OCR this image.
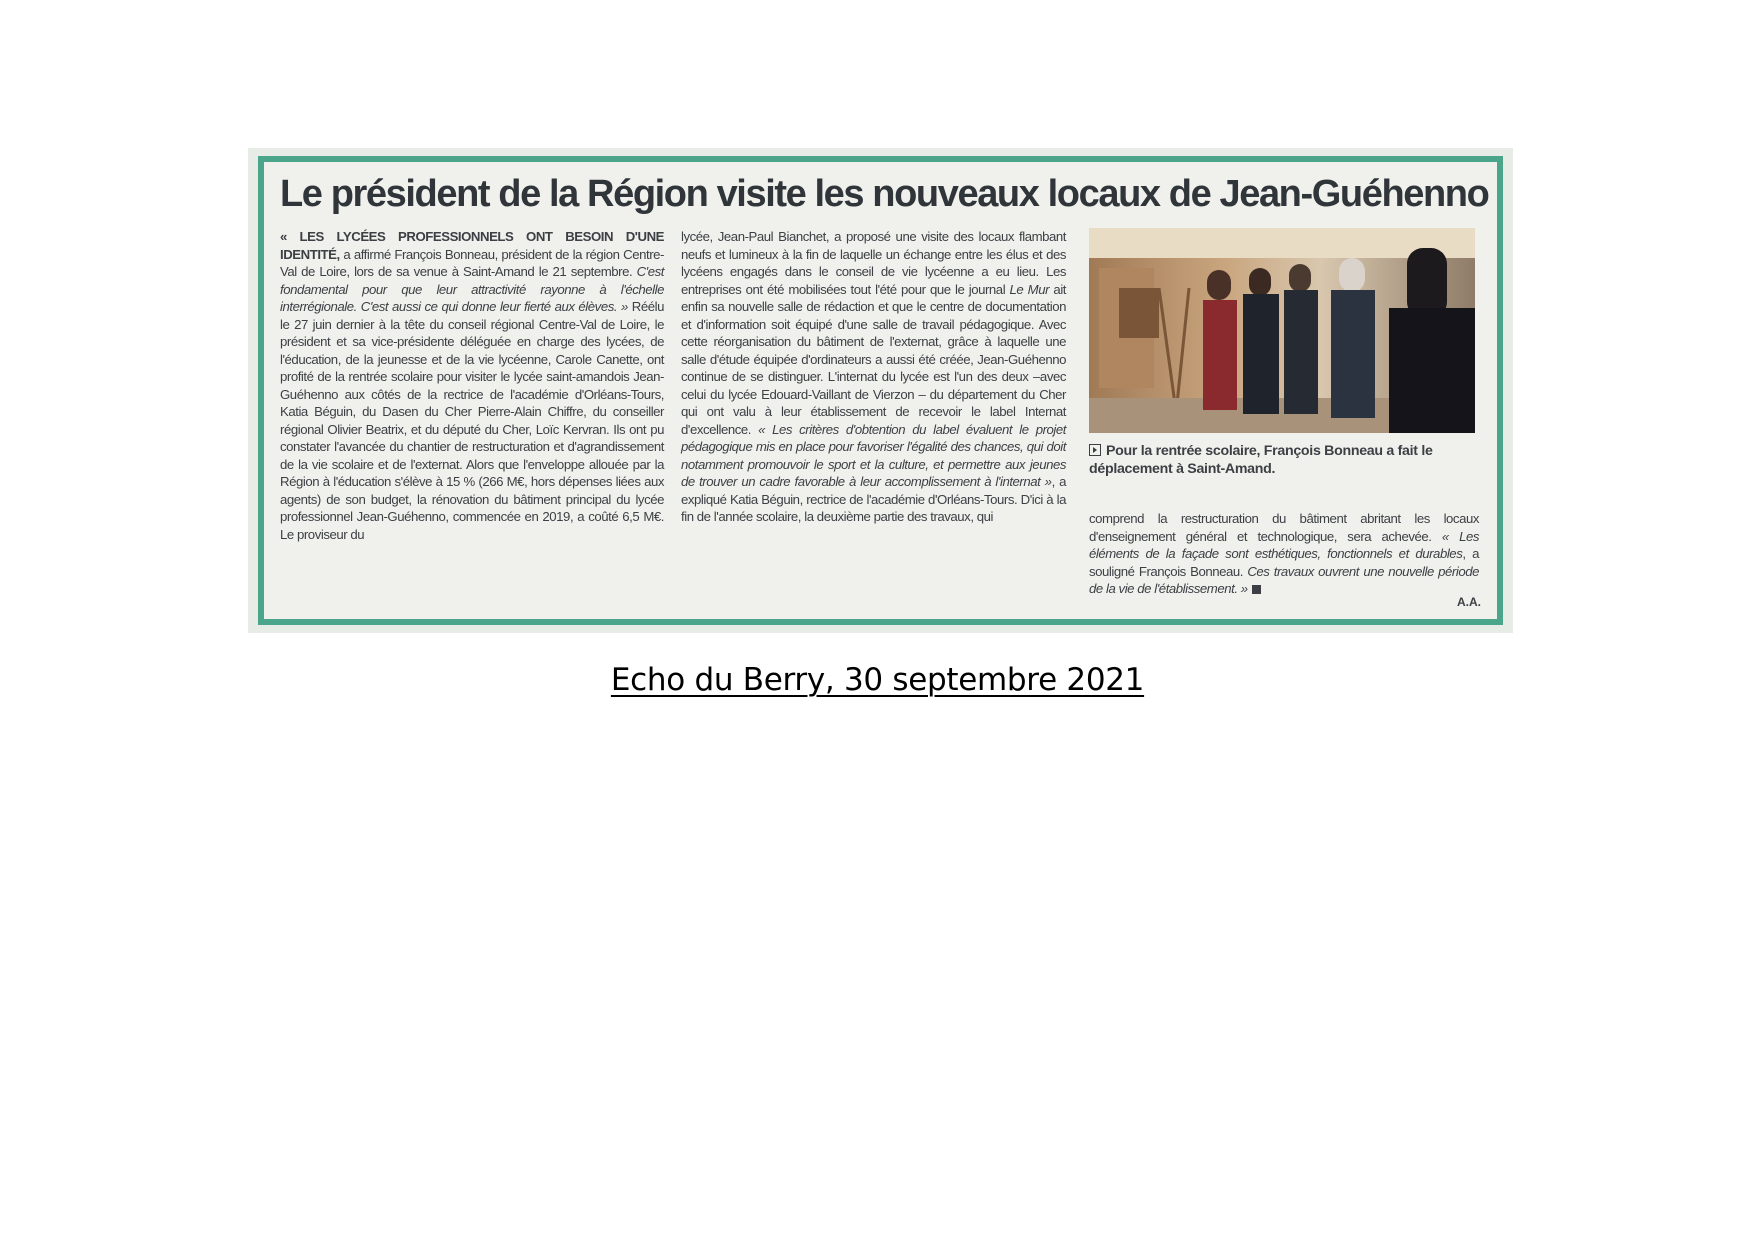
Le président de la Région visite les nouveaux locaux de Jean-Guéhenno

« LES LYCÉES PROFESSIONNELS ONT BESOIN D'UNE IDENTITÉ, a affirmé François Bonneau, président de la région Centre-Val de Loire, lors de sa venue à Saint-Amand le 21 septembre. C'est fondamental pour que leur attractivité rayonne à l'échelle interrégionale. C'est aussi ce qui donne leur fierté aux élèves. » Réélu le 27 juin dernier à la tête du conseil régional Centre-Val de Loire, le président et sa vice-présidente déléguée en charge des lycées, de l'éducation, de la jeunesse et de la vie lycéenne, Carole Canette, ont profité de la rentrée scolaire pour visiter le lycée saint-amandois Jean-Guéhenno aux côtés de la rectrice de l'académie d'Orléans-Tours, Katia Béguin, du Dasen du Cher Pierre-Alain Chiffre, du conseiller régional Olivier Beatrix, et du député du Cher, Loïc Kervran. Ils ont pu constater l'avancée du chantier de restructuration et d'agrandissement de la vie scolaire et de l'externat. Alors que l'enveloppe allouée par la Région à l'éducation s'élève à 15 % (266 M€, hors dépenses liées aux agents) de son budget, la rénovation du bâtiment principal du lycée professionnel Jean-Guéhenno, commencée en 2019, a coûté 6,5 M€. Le proviseur du

lycée, Jean-Paul Bianchet, a proposé une visite des locaux flambant neufs et lumineux à la fin de laquelle un échange entre les élus et des lycéens engagés dans le conseil de vie lycéenne a eu lieu. Les entreprises ont été mobilisées tout l'été pour que le journal Le Mur ait enfin sa nouvelle salle de rédaction et que le centre de documentation et d'information soit équipé d'une salle de travail pédagogique. Avec cette réorganisation du bâtiment de l'externat, grâce à laquelle une salle d'étude équipée d'ordinateurs a aussi été créée, Jean-Guéhenno continue de se distinguer. L'internat du lycée est l'un des deux –avec celui du lycée Edouard-Vaillant de Vierzon – du département du Cher qui ont valu à leur établissement de recevoir le label Internat d'excellence. « Les critères d'obtention du label évaluent le projet pédagogique mis en place pour favoriser l'égalité des chances, qui doit notamment promouvoir le sport et la culture, et permettre aux jeunes de trouver un cadre favorable à leur accomplissement à l'internat », a expliqué Katia Béguin, rectrice de l'académie d'Orléans-Tours. D'ici à la fin de l'année scolaire, la deuxième partie des travaux, qui

Pour la rentrée scolaire, François Bonneau a fait le déplacement à Saint-Amand.

comprend la restructuration du bâtiment abritant les locaux d'enseignement général et technologique, sera achevée. « Les éléments de la façade sont esthétiques, fonctionnels et durables, a souligné François Bonneau. Ces travaux ouvrent une nouvelle période de la vie de l'établissement. »

A.A.
Echo du Berry, 30 septembre 2021
